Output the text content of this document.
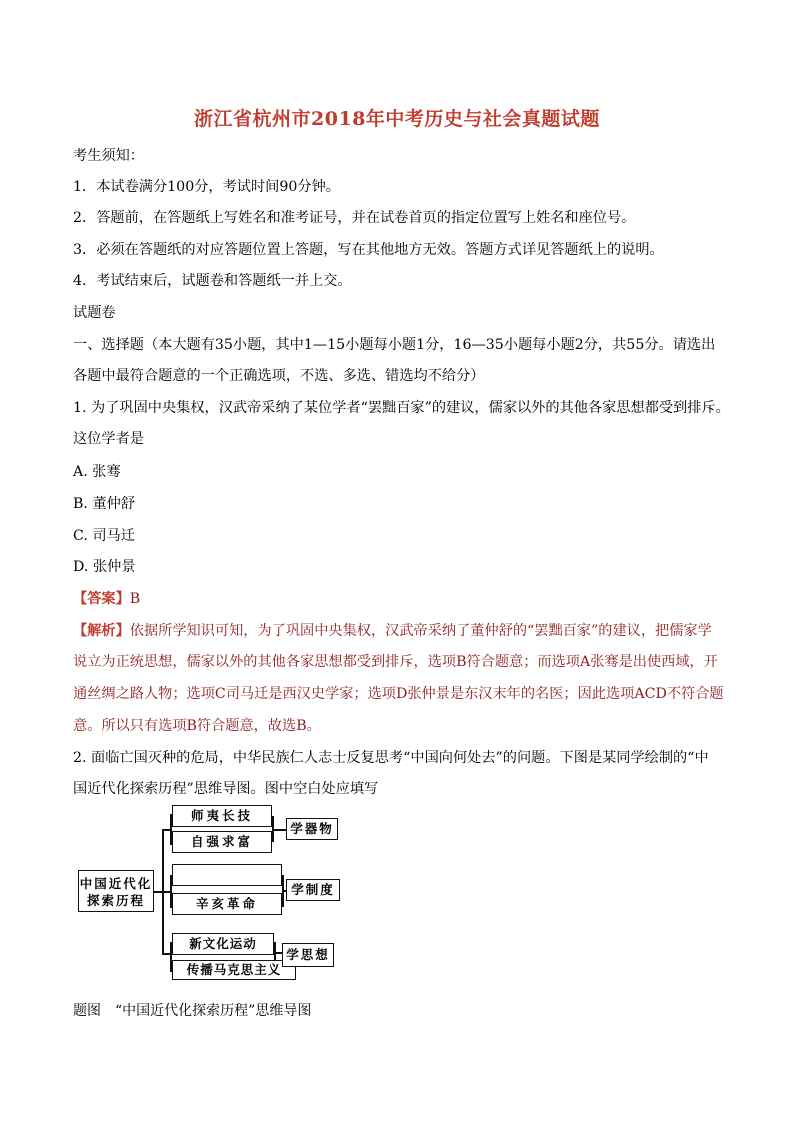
浙江省杭州市2018年中考历史与社会真题试题
考生须知：
1．本试卷满分100分，考试时间90分钟。
2．答题前，在答题纸上写姓名和准考证号，并在试卷首页的指定位置写上姓名和座位号。
3．必须在答题纸的对应答题位置上答题，写在其他地方无效。答题方式详见答题纸上的说明。
4．考试结束后，试题卷和答题纸一并上交。
试题卷
一、选择题（本大题有35小题，其中1—15小题每小题1分，16—35小题每小题2分，共55分。请选出
各题中最符合题意的一个正确选项，不选、多选、错选均不给分）
1. 为了巩固中央集权，汉武帝采纳了某位学者“罢黜百家”的建议，儒家以外的其他各家思想都受到排斥。
这位学者是
A. 张骞
B. 董仲舒
C. 司马迁
D. 张仲景
【答案】B
【解析】依据所学知识可知，为了巩固中央集权，汉武帝采纳了董仲舒的“罢黜百家”的建议，把儒家学
说立为正统思想，儒家以外的其他各家思想都受到排斥，选项B符合题意；而选项A张骞是出使西域，开
通丝绸之路人物；选项C司马迁是西汉史学家；选项D张仲景是东汉末年的名医；因此选项ACD不符合题
意。所以只有选项B符合题意，故选B。
2. 面临亡国灭种的危局，中华民族仁人志士反复思考“中国向何处去”的问题。下图是某同学绘制的“中
国近代化探索历程”思维导图。图中空白处应填写
中国近代化
探索历程
师夷长技
自强求富
学器物
辛亥革命
学制度
新文化运动
传播马克思主义
学思想
题图　“中国近代化探索历程”思维导图
